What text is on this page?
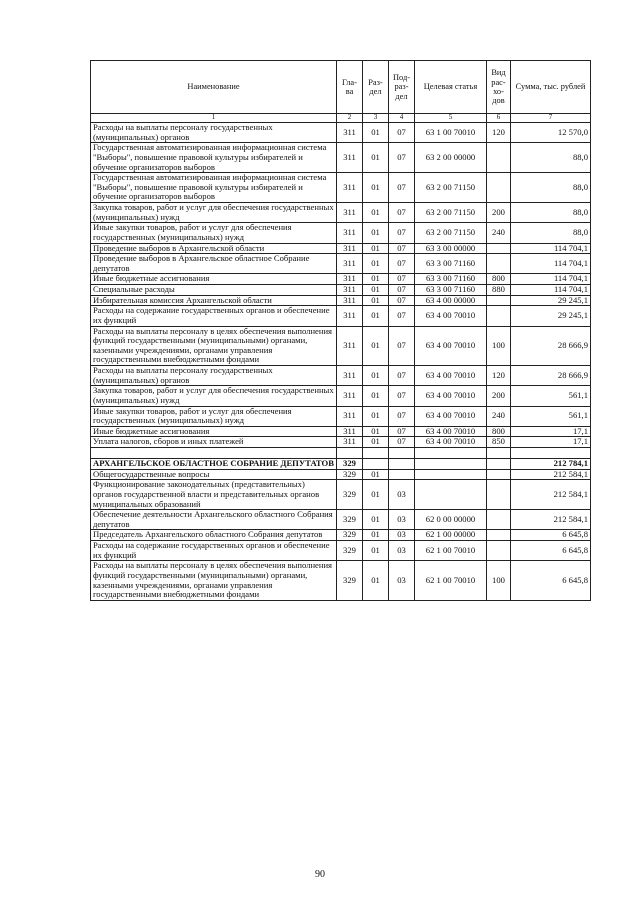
Наименование	Гла-ва	Раз-дел	Под-раз-дел	Целевая статья	Вид рас-хо-дов	Сумма, тыс. рублей
1	2	3	4	5	6	7
Расходы на выплаты персоналу государственных (муниципальных) органов	311	01	07	63 1 00 70010	120	12 570,0
Государственная автоматизированная информационная система "Выборы", повышение правовой культуры избирателей и обучение организаторов выборов	311	01	07	63 2 00 00000		88,0
Государственная автоматизированная информационная система "Выборы", повышение правовой культуры избирателей и обучение организаторов выборов	311	01	07	63 2 00 71150		88,0
Закупка товаров, работ и услуг для обеспечения государственных (муниципальных) нужд	311	01	07	63 2 00 71150	200	88,0
Иные закупки товаров, работ и услуг для обеспечения государственных (муниципальных) нужд	311	01	07	63 2 00 71150	240	88,0
Проведение выборов в Архангельской области	311	01	07	63 3 00 00000		114 704,1
Проведение выборов в Архангельское областное Собрание депутатов	311	01	07	63 3 00 71160		114 704,1
Иные бюджетные ассигнования	311	01	07	63 3 00 71160	800	114 704,1
Специальные расходы	311	01	07	63 3 00 71160	880	114 704,1
Избирательная комиссия Архангельской области	311	01	07	63 4 00 00000		29 245,1
Расходы на содержание государственных органов и обеспечение их функций	311	01	07	63 4 00 70010		29 245,1
Расходы на выплаты персоналу в целях обеспечения выполнения функций государственными (муниципальными) органами, казенными учреждениями, органами управления государственными внебюджетными фондами	311	01	07	63 4 00 70010	100	28 666,9
Расходы на выплаты персоналу государственных (муниципальных) органов	311	01	07	63 4 00 70010	120	28 666,9
Закупка товаров, работ и услуг для обеспечения государственных (муниципальных) нужд	311	01	07	63 4 00 70010	200	561,1
Иные закупки товаров, работ и услуг для обеспечения государственных (муниципальных) нужд	311	01	07	63 4 00 70010	240	561,1
Иные бюджетные ассигнования	311	01	07	63 4 00 70010	800	17,1
Уплата налогов, сборов и иных платежей	311	01	07	63 4 00 70010	850	17,1

АРХАНГЕЛЬСКОЕ ОБЛАСТНОЕ СОБРАНИЕ ДЕПУТАТОВ	329					212 784,1
Общегосударственные вопросы	329	01				212 584,1
Функционирование законодательных (представительных) органов государственной власти и представительных органов муниципальных образований	329	01	03			212 584,1
Обеспечение деятельности Архангельского областного Собрания депутатов	329	01	03	62 0 00 00000		212 584,1
Председатель Архангельского областного Собрания депутатов	329	01	03	62 1 00 00000		6 645,8
Расходы на содержание государственных органов и обеспечение их функций	329	01	03	62 1 00 70010		6 645,8
Расходы на выплаты персоналу в целях обеспечения выполнения функций государственными (муниципальными) органами, казенными учреждениями, органами управления государственными внебюджетными фондами	329	01	03	62 1 00 70010	100	6 645,8
90
